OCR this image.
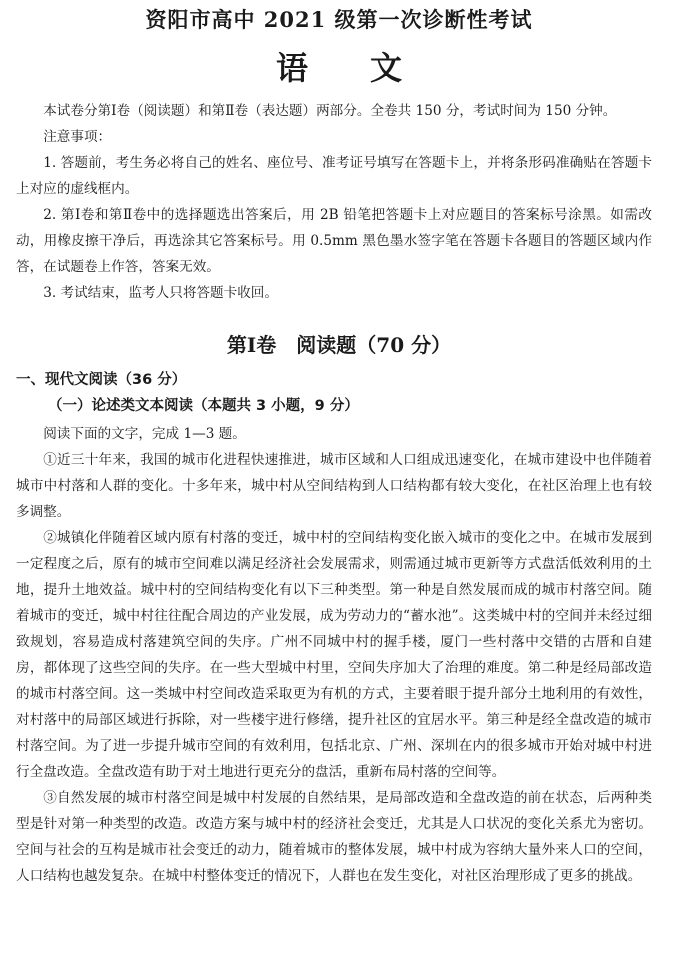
资阳市高中 2021 级第一次诊断性考试
语 文

本试卷分第Ⅰ卷（阅读题）和第Ⅱ卷（表达题）两部分。全卷共 150 分，考试时间为 150 分钟。

注意事项：

1. 答题前，考生务必将自己的姓名、座位号、准考证号填写在答题卡上，并将条形码准确贴在答题卡上对应的虚线框内。

2. 第Ⅰ卷和第Ⅱ卷中的选择题选出答案后，用 2B 铅笔把答题卡上对应题目的答案标号涂黑。如需改动，用橡皮擦干净后，再选涂其它答案标号。用 0.5mm 黑色墨水签字笔在答题卡各题目的答题区域内作答，在试题卷上作答，答案无效。

3. 考试结束，监考人只将答题卡收回。

第Ⅰ卷　阅读题（70 分）
一、现代文阅读（36 分）
（一）论述类文本阅读（本题共 3 小题，9 分）

阅读下面的文字，完成 1—3 题。

①近三十年来，我国的城市化进程快速推进，城市区域和人口组成迅速变化，在城市建设中也伴随着城市中村落和人群的变化。十多年来，城中村从空间结构到人口结构都有较大变化，在社区治理上也有较多调整。

②城镇化伴随着区域内原有村落的变迁，城中村的空间结构变化嵌入城市的变化之中。在城市发展到一定程度之后，原有的城市空间难以满足经济社会发展需求，则需通过城市更新等方式盘活低效利用的土地，提升土地效益。城中村的空间结构变化有以下三种类型。第一种是自然发展而成的城市村落空间。随着城市的变迁，城中村往往配合周边的产业发展，成为劳动力的“蓄水池”。这类城中村的空间并未经过细致规划，容易造成村落建筑空间的失序。广州不同城中村的握手楼，厦门一些村落中交错的古厝和自建房，都体现了这些空间的失序。在一些大型城中村里，空间失序加大了治理的难度。第二种是经局部改造的城市村落空间。这一类城中村空间改造采取更为有机的方式，主要着眼于提升部分土地利用的有效性，对村落中的局部区域进行拆除，对一些楼宇进行修缮，提升社区的宜居水平。第三种是经全盘改造的城市村落空间。为了进一步提升城市空间的有效利用，包括北京、广州、深圳在内的很多城市开始对城中村进行全盘改造。全盘改造有助于对土地进行更充分的盘活，重新布局村落的空间等。

③自然发展的城市村落空间是城中村发展的自然结果，是局部改造和全盘改造的前在状态，后两种类型是针对第一种类型的改造。改造方案与城中村的经济社会变迁，尤其是人口状况的变化关系尤为密切。空间与社会的互构是城市社会变迁的动力，随着城市的整体发展，城中村成为容纳大量外来人口的空间，人口结构也越发复杂。在城中村整体变迁的情况下，人群也在发生变化，对社区治理形成了更多的挑战。
